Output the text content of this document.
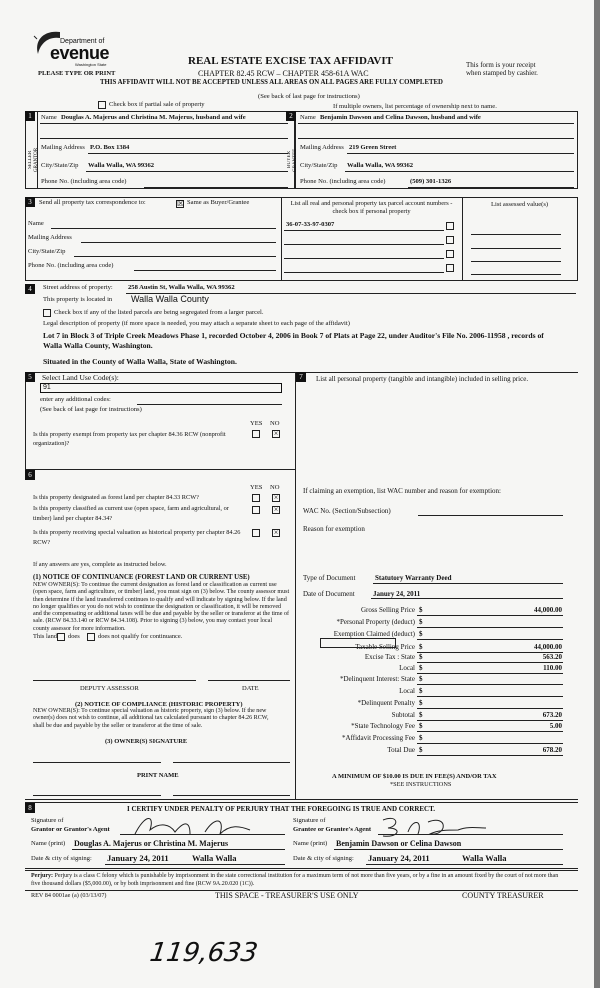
Department of
evenue
Washington State
PLEASE TYPE OR PRINT
REAL ESTATE EXCISE TAX AFFIDAVIT
CHAPTER 82.45 RCW – CHAPTER 458-61A WAC
THIS AFFIDAVIT WILL NOT BE ACCEPTED UNLESS ALL AREAS ON ALL PAGES ARE FULLY COMPLETED
This form is your receipt
when stamped by cashier.
(See back of last page for instructions)
Check box if partial sale of property	If multiple owners, list percentage of ownership next to name.
1
SELLER GRANTOR
Name Douglas A. Majerus and Christina M. Majerus, husband and wife
Mailing Address P.O. Box 1384
City/State/Zip Walla Walla, WA 99362
Phone No. (including area code)
2
BUYER GRANTEE
Name Benjamin Dawson and Celina Dawson, husband and wife
Mailing Address 219 Green Street
City/State/Zip Walla Walla, WA 99362
Phone No. (including area code)	(509) 301-1326
3	Send all property tax correspondence to:	☒ Same as Buyer/Grantee
Name
Mailing Address
City/State/Zip
Phone No. (including area code)
List all real and personal property tax parcel account numbers - check box if personal property
List assessed value(s)
36-07-33-97-0307
4	Street address of property: 258 Austin St, Walla Walla, WA 99362
This property is located in Walla Walla County
Check box if any of the listed parcels are being segregated from a larger parcel.
Legal description of property (if more space is needed, you may attach a separate sheet to each page of the affidavit)
Lot 7 in Block 3 of Triple Creek Meadows Phase 1, recorded October 4, 2006 in Book 7 of Plats at Page 22, under Auditor's File No. 2006-11958 , records of Walla Walla County, Washington.
Situated in the County of Walla Walla, State of Washington.
5	Select Land Use Code(s):
91
enter any additional codes:
(See back of last page for instructions)
YES NO
Is this property exempt from property tax per chapter 84.36 RCW (nonprofit organization)?
×
6
YES NO
Is this property designated as forest land per chapter 84.33 RCW?	×
Is this property classified as current use (open space, farm and agricultural, or timber) land per chapter 84.34?
×
Is this property receiving special valuation as historical property per chapter 84.26 RCW?
×
If any answers are yes, complete as instructed below.
(1) NOTICE OF CONTINUANCE (FOREST LAND OR CURRENT USE)
NEW OWNER(S): To continue the current designation as forest land or classification as current use (open space, farm and agriculture, or timber) land, you must sign on (3) below. The county assessor must then determine if the land transferred continues to qualify and will indicate by signing below. If the land no longer qualifies or you do not wish to continue the designation or classification, it will be removed and the compensating or additional taxes will be due and payable by the seller or transferor at the time of sale. (RCW 84.33.140 or RCW 84.34.108). Prior to signing (3) below, you may contact your local county assessor for more information.
This land does	does not qualify for continuance.
DEPUTY ASSESSOR	DATE
(2) NOTICE OF COMPLIANCE (HISTORIC PROPERTY)
NEW OWNER(S): To continue special valuation as historic property, sign (3) below. If the new owner(s) does not wish to continue, all additional tax calculated pursuant to chapter 84.26 RCW, shall be due and payable by the seller or transferor at the time of sale.
(3) OWNER(S) SIGNATURE
PRINT NAME
7	List all personal property (tangible and intangible) included in selling price.
If claiming an exemption, list WAC number and reason for exemption:
WAC No. (Section/Subsection)
Reason for exemption
Type of Document	Statutory Warranty Deed
Date of Document	Janury 24, 2011
Gross Selling Price $	44,000.00
*Personal Property (deduct) $
Exemption Claimed (deduct) $
Taxable Selling Price $	44,000.00
Excise Tax : State $	563.20
Local $	110.00
*Delinquent Interest: State $
Local $
*Delinquent Penalty $
Subtotal $	673.20
*State Technology Fee $	5.00
*Affidavit Processing Fee $
Total Due $	678.20
A MINIMUM OF $10.00 IS DUE IN FEE(S) AND/OR TAX
*SEE INSTRUCTIONS
8	I CERTIFY UNDER PENALTY OF PERJURY THAT THE FOREGOING IS TRUE AND CORRECT.
Signature of
Grantor or Grantor's Agent
Name (print) Douglas A. Majerus or Christina M. Majerus
Date & city of signing: January 24, 2011	Walla Walla
Signature of
Grantee or Grantee's Agent
Name (print) Benjamin Dawson or Celina Dawson
Date & city of signing: January 24, 2011	Walla Walla
Perjury: Perjury is a class C felony which is punishable by imprisonment in the state correctional institution for a maximum term of not more than five years, or by a fine in an amount fixed by the court of not more than five thousand dollars ($5,000.00), or by both imprisonment and fine (RCW 9A.20.020 (1C)).
REV 84 0001ae (a) (03/13/07)	THIS SPACE - TREASURER'S USE ONLY	COUNTY TREASURER
119,633
